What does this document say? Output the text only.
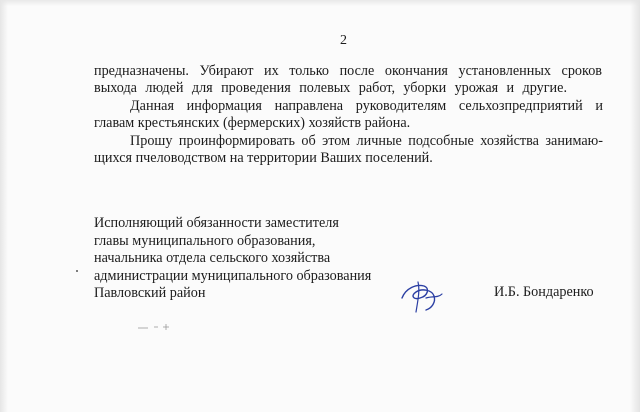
2
предназначены. Убирают их только после окончания установленных сроков
выхода людей для проведения полевых работ, уборки урожая и другие.
Данная информация направлена руководителям сельхозпредприятий и
главам крестьянских (фермерских) хозяйств района.
Прошу проинформировать об этом личные подсобные хозяйства занимаю-
щихся пчеловодством на территории Ваших поселений.
Исполняющий обязанности заместителя
главы муниципального образования,
начальника отдела сельского хозяйства
администрации муниципального образования
Павловский район	И.Б. Бондаренко
